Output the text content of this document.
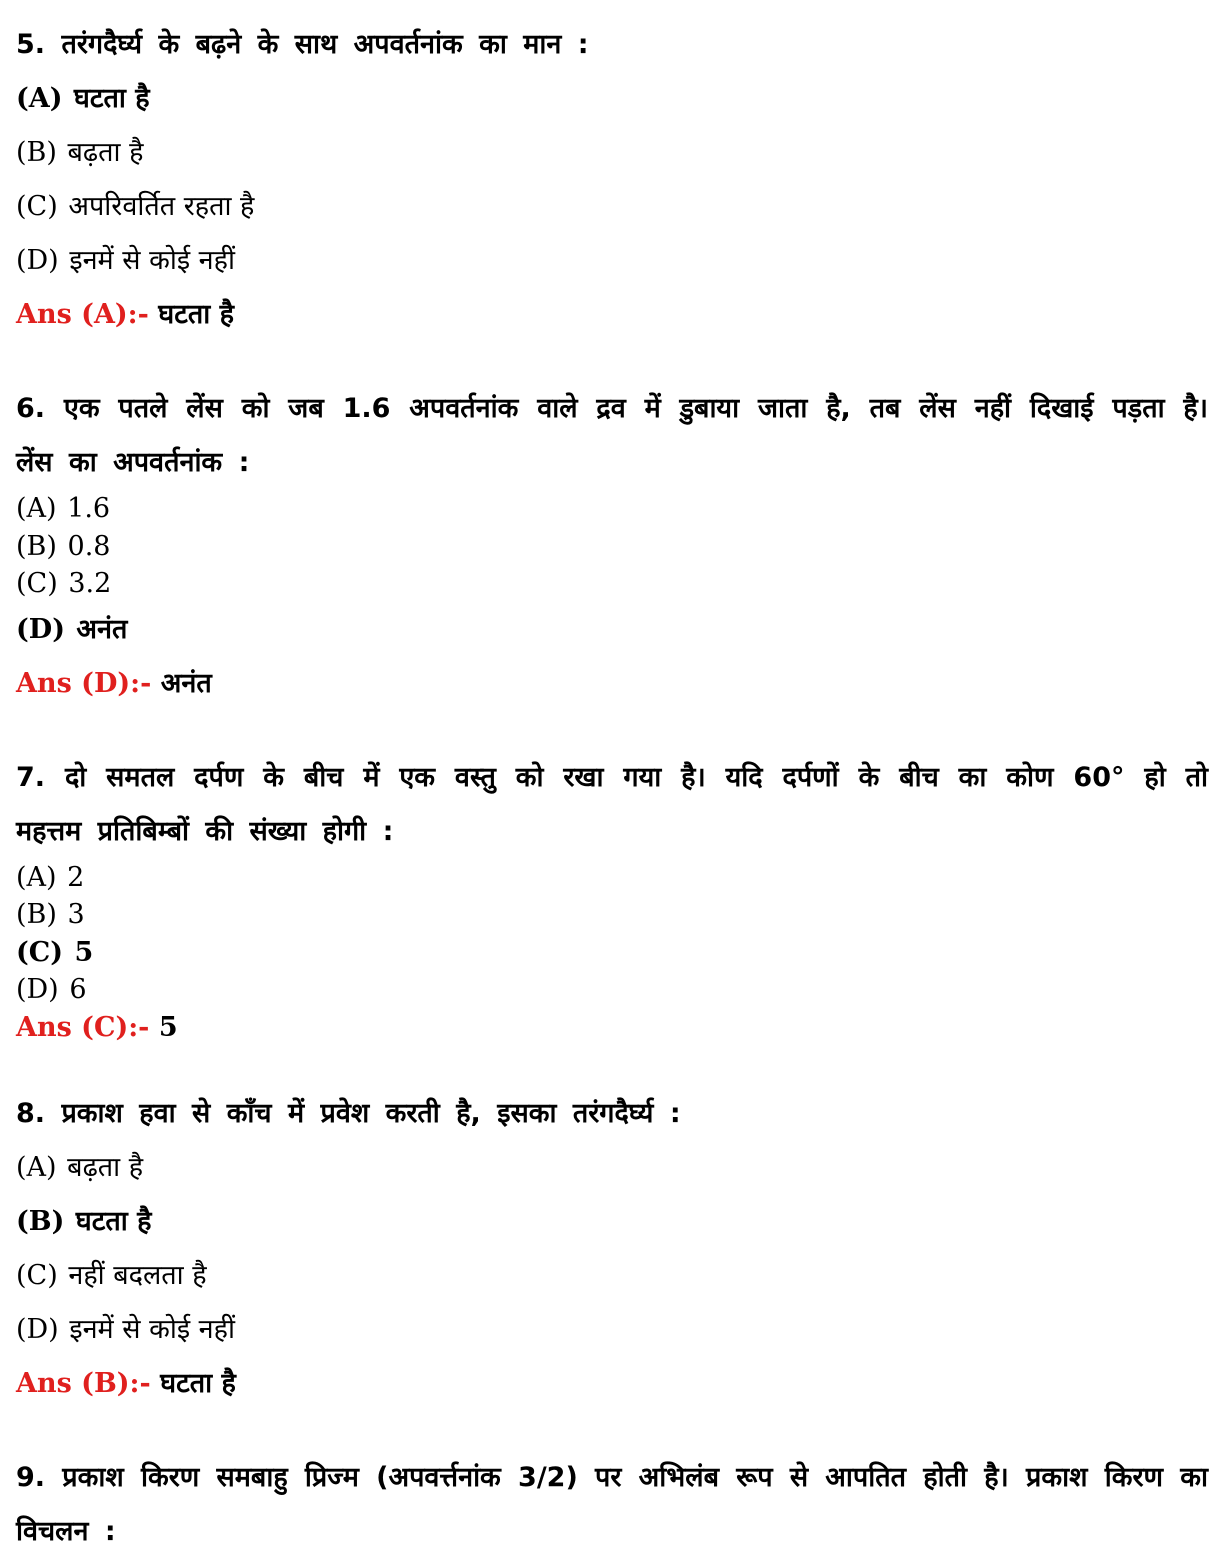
5. तरंगदैर्घ्य के बढ़ने के साथ अपवर्तनांक का मान :

(A) घटता है

(B) बढ़ता है

(C) अपरिवर्तित रहता है

(D) इनमें से कोई नहीं

Ans (A):- घटता है

6. एक पतले लेंस को जब 1.6 अपवर्तनांक वाले द्रव में डुबाया जाता है, तब लेंस नहीं दिखाई पड़ता है। लेंस का अपवर्तनांक :

(A) 1.6

(B) 0.8

(C) 3.2

(D) अनंत

Ans (D):- अनंत

7. दो समतल दर्पण के बीच में एक वस्तु को रखा गया है। यदि दर्पणों के बीच का कोण 60° हो तो महत्तम प्रतिबिम्बों की संख्या होगी :

(A) 2

(B) 3

(C) 5

(D) 6

Ans (C):- 5

8. प्रकाश हवा से काँच में प्रवेश करती है, इसका तरंगदैर्घ्य :

(A) बढ़ता है

(B) घटता है

(C) नहीं बदलता है

(D) इनमें से कोई नहीं

Ans (B):- घटता है

9. प्रकाश किरण समबाहु प्रिज्म (अपवर्त्तनांक 3/2) पर अभिलंब रूप से आपतित होती है। प्रकाश किरण का विचलन :
